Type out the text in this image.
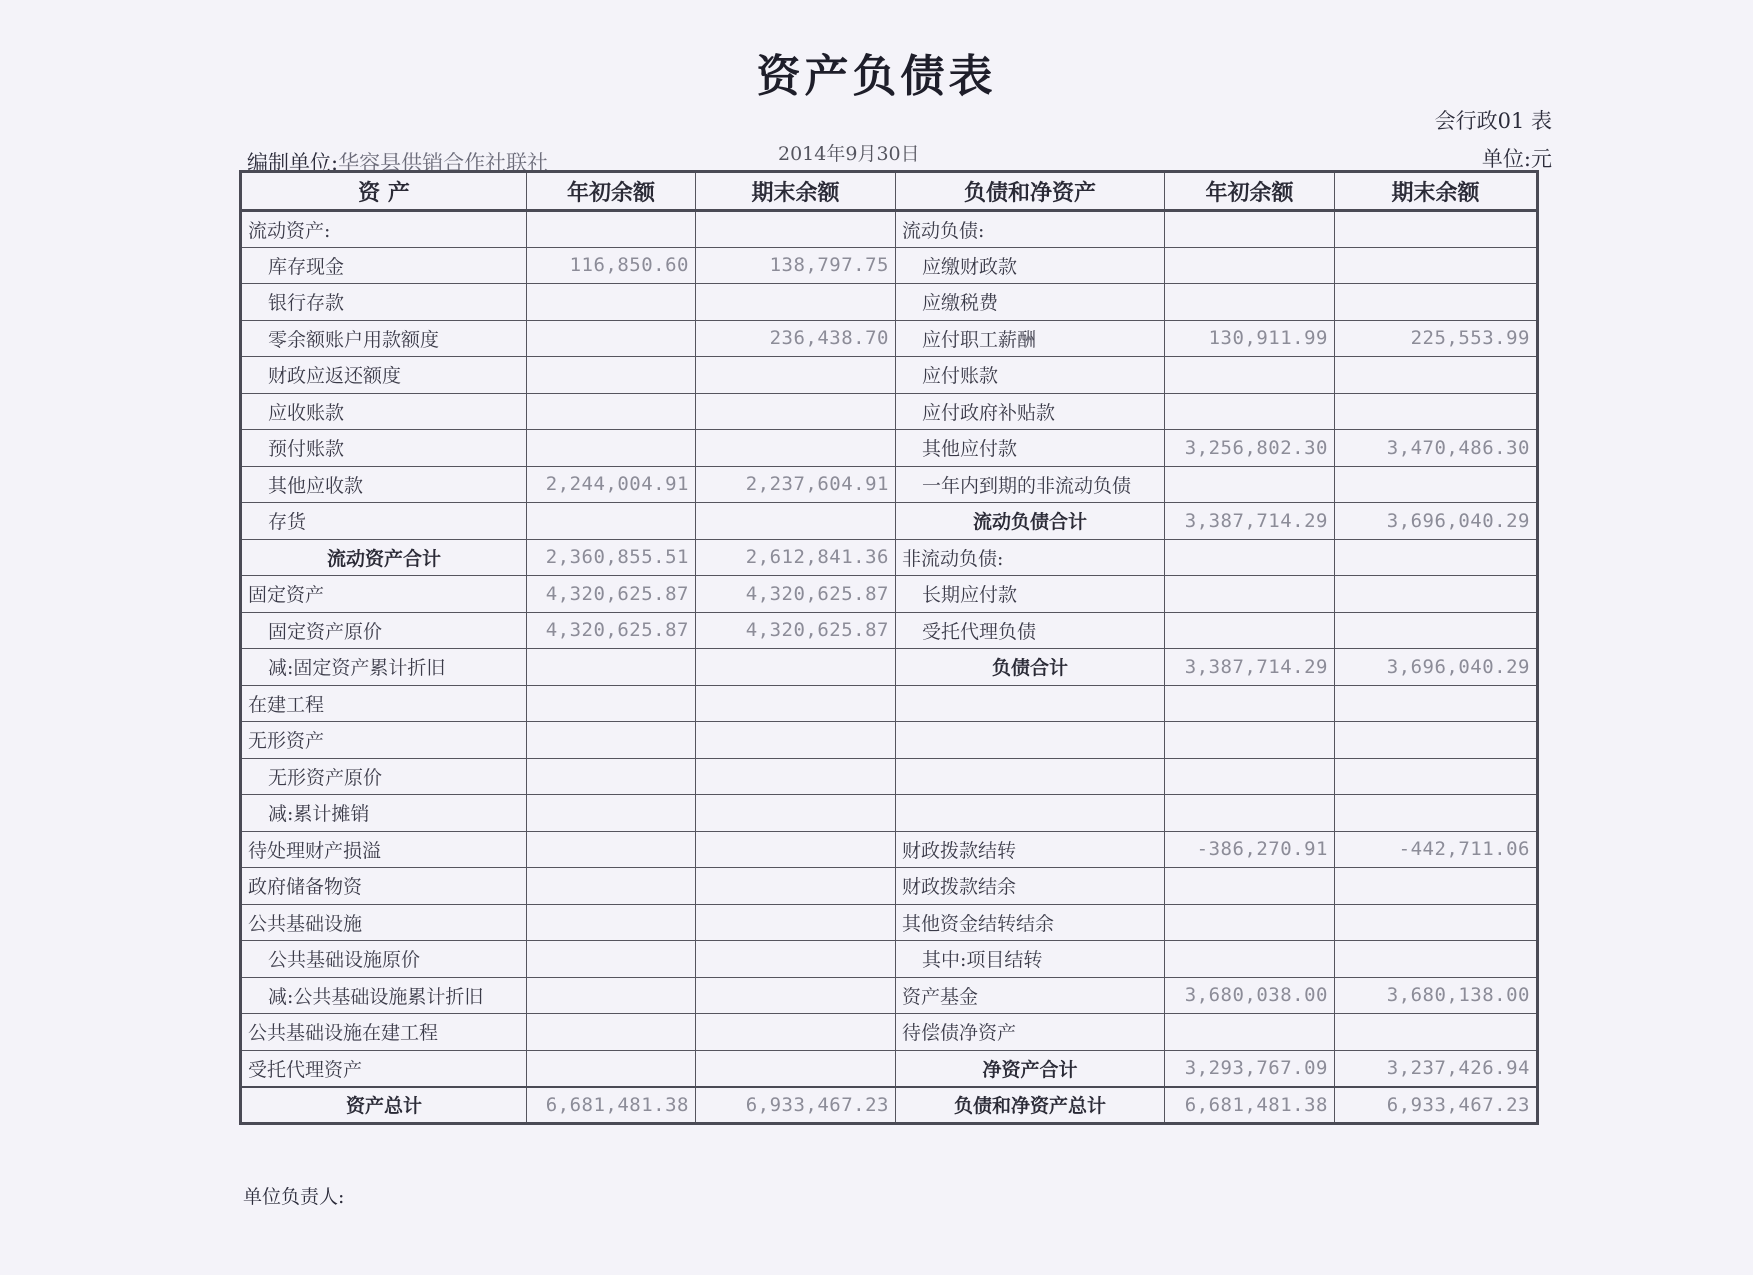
资产负债表
会行政01 表
单位:元
编制单位:华容县供销合作社联社	2014年9月30日
资 产	年初余额	期末余额	负债和净资产	年初余额	期末余额
流动资产:			流动负债:		
库存现金	116,850.60	138,797.75	应缴财政款		
银行存款			应缴税费		
零余额账户用款额度		236,438.70	应付职工薪酬	130,911.99	225,553.99
财政应返还额度			应付账款		
应收账款			应付政府补贴款		
预付账款			其他应付款	3,256,802.30	3,470,486.30
其他应收款	2,244,004.91	2,237,604.91	一年内到期的非流动负债		
存货			流动负债合计	3,387,714.29	3,696,040.29
流动资产合计	2,360,855.51	2,612,841.36	非流动负债:		
固定资产	4,320,625.87	4,320,625.87	长期应付款		
固定资产原价	4,320,625.87	4,320,625.87	受托代理负债		
减:固定资产累计折旧			负债合计	3,387,714.29	3,696,040.29
在建工程					
无形资产					
无形资产原价					
减:累计摊销					
待处理财产损溢			财政拨款结转	-386,270.91	-442,711.06
政府储备物资			财政拨款结余		
公共基础设施			其他资金结转结余		
公共基础设施原价			其中:项目结转		
减:公共基础设施累计折旧			资产基金	3,680,038.00	3,680,138.00
公共基础设施在建工程			待偿债净资产		
受托代理资产			净资产合计	3,293,767.09	3,237,426.94
资产总计	6,681,481.38	6,933,467.23	负债和净资产总计	6,681,481.38	6,933,467.23
单位负责人:
